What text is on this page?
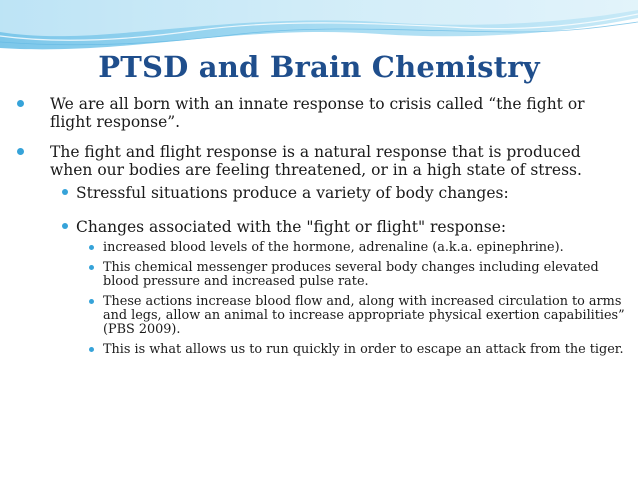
PTSD and Brain Chemistry
We are all born with an innate response to crisis called “the fight or flight response”.
The fight and flight response is a natural response that is produced when our bodies are feeling threatened, or in a high state of stress.
Stressful situations produce a variety of body changes:
Changes associated with the "fight or flight" response:
increased blood levels of the hormone, adrenaline (a.k.a. epinephrine).
This chemical messenger produces several body changes including elevated blood pressure and increased pulse rate.
These actions increase blood flow and, along with increased circulation to arms and legs, allow an animal to increase appropriate physical exertion capabilities” (PBS 2009).
This is what allows us to run quickly in order to escape an attack from the tiger.
